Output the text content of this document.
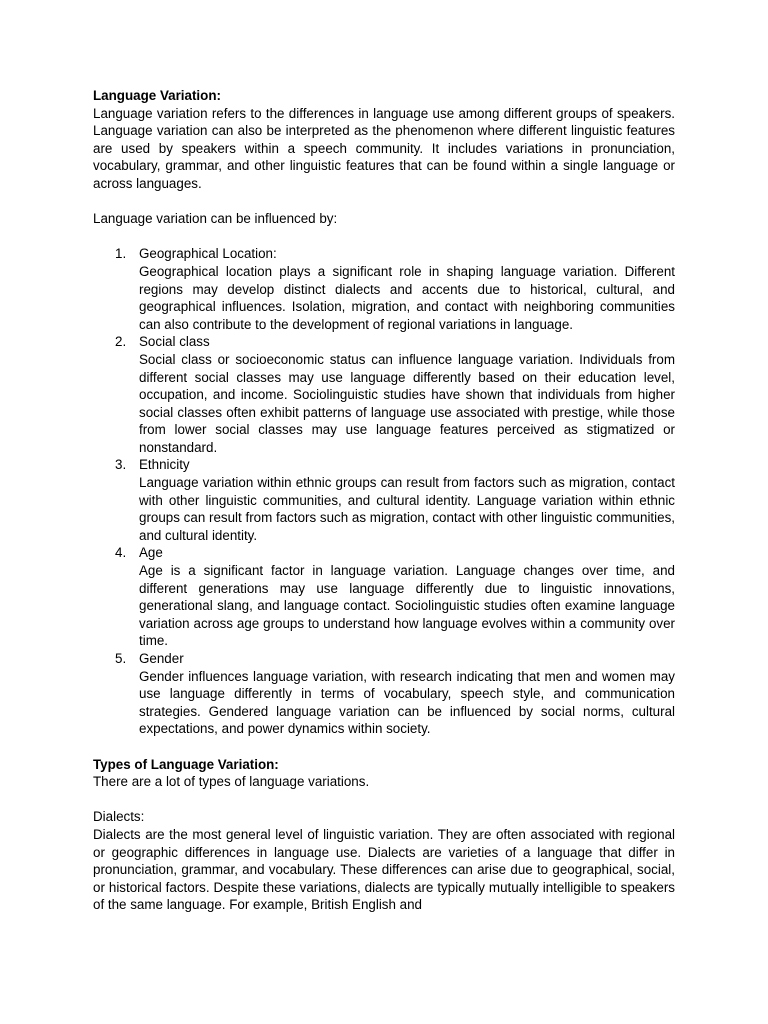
Language Variation:

Language variation refers to the differences in language use among different groups of speakers. Language variation can also be interpreted as the phenomenon where different linguistic features are used by speakers within a speech community. It includes variations in pronunciation, vocabulary, grammar, and other linguistic features that can be found within a single language or across languages.

Language variation can be influenced by:

1. Geographical Location:
Geographical location plays a significant role in shaping language variation. Different regions may develop distinct dialects and accents due to historical, cultural, and geographical influences. Isolation, migration, and contact with neighboring communities can also contribute to the development of regional variations in language.
2. Social class
Social class or socioeconomic status can influence language variation. Individuals from different social classes may use language differently based on their education level, occupation, and income. Sociolinguistic studies have shown that individuals from higher social classes often exhibit patterns of language use associated with prestige, while those from lower social classes may use language features perceived as stigmatized or nonstandard.
3. Ethnicity
Language variation within ethnic groups can result from factors such as migration, contact with other linguistic communities, and cultural identity. Language variation within ethnic groups can result from factors such as migration, contact with other linguistic communities, and cultural identity.
4. Age
Age is a significant factor in language variation. Language changes over time, and different generations may use language differently due to linguistic innovations, generational slang, and language contact. Sociolinguistic studies often examine language variation across age groups to understand how language evolves within a community over time.
5. Gender
Gender influences language variation, with research indicating that men and women may use language differently in terms of vocabulary, speech style, and communication strategies. Gendered language variation can be influenced by social norms, cultural expectations, and power dynamics within society.
Types of Language Variation:

There are a lot of types of language variations.

Dialects:

Dialects are the most general level of linguistic variation. They are often associated with regional or geographic differences in language use. Dialects are varieties of a language that differ in pronunciation, grammar, and vocabulary. These differences can arise due to geographical, social, or historical factors. Despite these variations, dialects are typically mutually intelligible to speakers of the same language. For example, British English and
